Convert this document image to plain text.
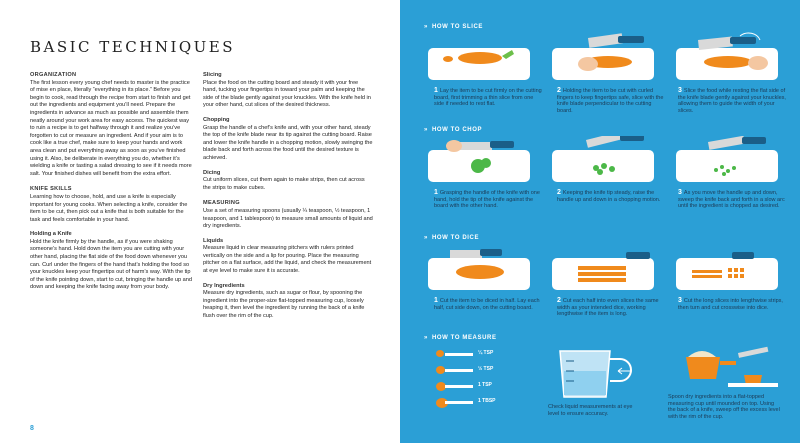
BASIC TECHNIQUES
ORGANIZATION

The first lesson every young chef needs to master is the practice of mise en place, literally “everything in its place.” Before you begin to cook, read through the recipe from start to finish and get out the ingredients and equipment you’ll need. Prepare the ingredients in advance as much as possible and assemble them neatly around your work area for easy access. The quickest way to ruin a recipe is to get halfway through it and realize you’ve forgotten to cut or measure an ingredient. And if your aim is to cook like a true chef, make sure to keep your hands and work area clean and put everything away as soon as you’ve finished using it. Also, be deliberate in everything you do, whether it’s wielding a knife or tasting a salad dressing to see if it needs more salt. Your finished dishes will benefit from the extra effort.

KNIFE SKILLS

Learning how to choose, hold, and use a knife is especially important for young cooks. When selecting a knife, consider the item to be cut, then pick out a knife that is both suitable for the task and feels comfortable in your hand.

Holding a Knife

Hold the knife firmly by the handle, as if you were shaking someone’s hand. Hold down the item you are cutting with your other hand, placing the flat side of the food down whenever you can. Curl under the fingers of the hand that’s holding the food so your knuckles keep your fingertips out of harm’s way. With the tip of the knife pointing down, start to cut, bringing the handle up and down and keeping the knife facing away from your body.

Slicing

Place the food on the cutting board and steady it with your free hand, tucking your fingertips in toward your palm and keeping the side of the blade gently against your knuckles. With the knife held in your other hand, cut slices of the desired thickness.

Chopping

Grasp the handle of a chef’s knife and, with your other hand, steady the top of the knife blade near its tip against the cutting board. Raise and lower the knife handle in a chopping motion, slowly swinging the blade back and forth across the food until the desired texture is achieved.

Dicing

Cut uniform slices, cut them again to make strips, then cut across the strips to make cubes.

MEASURING

Use a set of measuring spoons (usually ¼ teaspoon, ½ teaspoon, 1 teaspoon, and 1 tablespoon) to measure small amounts of liquid and dry ingredients.

Liquids

Measure liquid in clear measuring pitchers with rulers printed vertically on the side and a lip for pouring. Place the measuring pitcher on a flat surface, add the liquid, and check the measurement at eye level to make sure it is accurate.

Dry Ingredients

Measure dry ingredients, such as sugar or flour, by spooning the ingredient into the proper-size flat-topped measuring cup, loosely heaping it, then level the ingredient by running the back of a knife flush over the rim of the cup.

8
» HOW TO SLICE
1 Lay the item to be cut firmly on the cutting board, first trimming a thin slice from one side if needed to rest flat.
2 Holding the item to be cut with curled fingers to keep fingertips safe, slice with the knife blade perpendicular to the cutting board.
3 Slice the food while resting the flat side of the knife blade gently against your knuckles, allowing them to guide the width of your slices.
» HOW TO CHOP
1 Grasping the handle of the knife with one hand, hold the tip of the knife against the board with the other hand.
2 Keeping the knife tip steady, raise the handle up and down in a chopping motion.
3 As you move the handle up and down, sweep the knife back and forth in a slow arc until the ingredient is chopped as desired.
» HOW TO DICE
1 Cut the item to be diced in half. Lay each half, cut side down, on the cutting board.
2 Cut each half into even slices the same width as your intended dice, working lengthwise if the item is long.
3 Cut the long slices into lengthwise strips, then turn and cut crosswise into dice.
» HOW TO MEASURE
¼ TSP
½ TSP
1 TSP
1 TBSP
Check liquid measurements at eye level to ensure accuracy.
Spoon dry ingredients into a flat-topped measuring cup until mounded on top. Using the back of a knife, sweep off the excess level with the rim of the cup.
